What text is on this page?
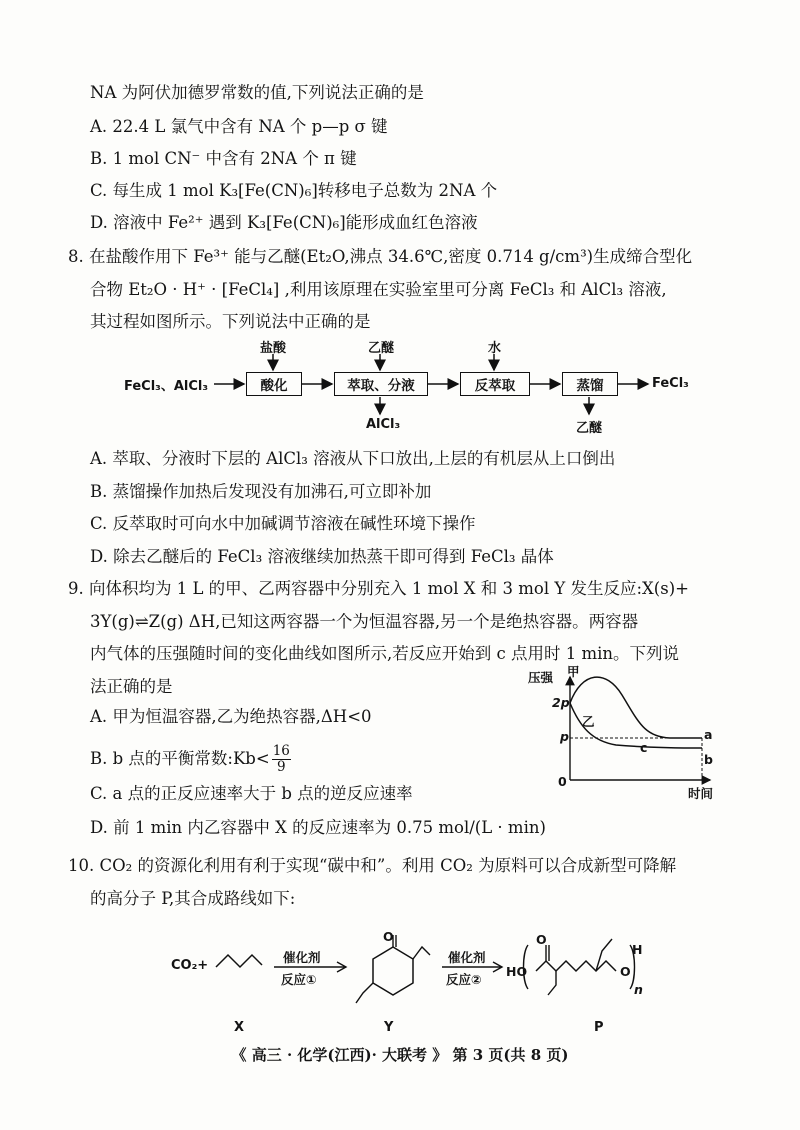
NA 为阿伏加德罗常数的值,下列说法正确的是
A. 22.4 L 氯气中含有 NA 个 p—p σ 键
B. 1 mol CN⁻ 中含有 2NA 个 π 键
C. 每生成 1 mol K₃[Fe(CN)₆]转移电子总数为 2NA 个
D. 溶液中 Fe²⁺ 遇到 K₃[Fe(CN)₆]能形成血红色溶液
8. 在盐酸作用下 Fe³⁺ 能与乙醚(Et₂O,沸点 34.6℃,密度 0.714 g/cm³)生成缔合型化
合物 Et₂O · H⁺ · [FeCl₄] ,利用该原理在实验室里可分离 FeCl₃ 和 AlCl₃ 溶液,
其过程如图所示。下列说法中正确的是
FeCl₃、AlCl₃	酸化	萃取、分液	反萃取	蒸馏
盐酸	乙醚	水
AlCl₃	乙醚
FeCl₃
A. 萃取、分液时下层的 AlCl₃ 溶液从下口放出,上层的有机层从上口倒出
B. 蒸馏操作加热后发现没有加沸石,可立即补加
C. 反萃取时可向水中加碱调节溶液在碱性环境下操作
D. 除去乙醚后的 FeCl₃ 溶液继续加热蒸干即可得到 FeCl₃ 晶体
9. 向体积均为 1 L 的甲、乙两容器中分别充入 1 mol X 和 3 mol Y 发生反应:X(s)+
3Y(g)⇌Z(g) ΔH,已知这两容器一个为恒温容器,另一个是绝热容器。两容器
内气体的压强随时间的变化曲线如图所示,若反应开始到 c 点用时 1 min。下列说
法正确的是
A. 甲为恒温容器,乙为绝热容器,ΔH<0
B. b 点的平衡常数:Kb< $\frac{16}{9}$
C. a 点的正反应速率大于 b 点的逆反应速率
D. 前 1 min 内乙容器中 X 的反应速率为 0.75 mol/(L · min)
压强 甲
乙
2p
p
0
a
b
c
时间
10. CO₂ 的资源化利用有利于实现“碳中和”。利用 CO₂ 为原料可以合成新型可降解
的高分子 P,其合成路线如下:
CO₂+
催化剂
反应①
催化剂
反应②
O	O
HO	O
H
n
X	Y	P
《 高三 · 化学(江西)· 大联考 》 第 3 页(共 8 页)
